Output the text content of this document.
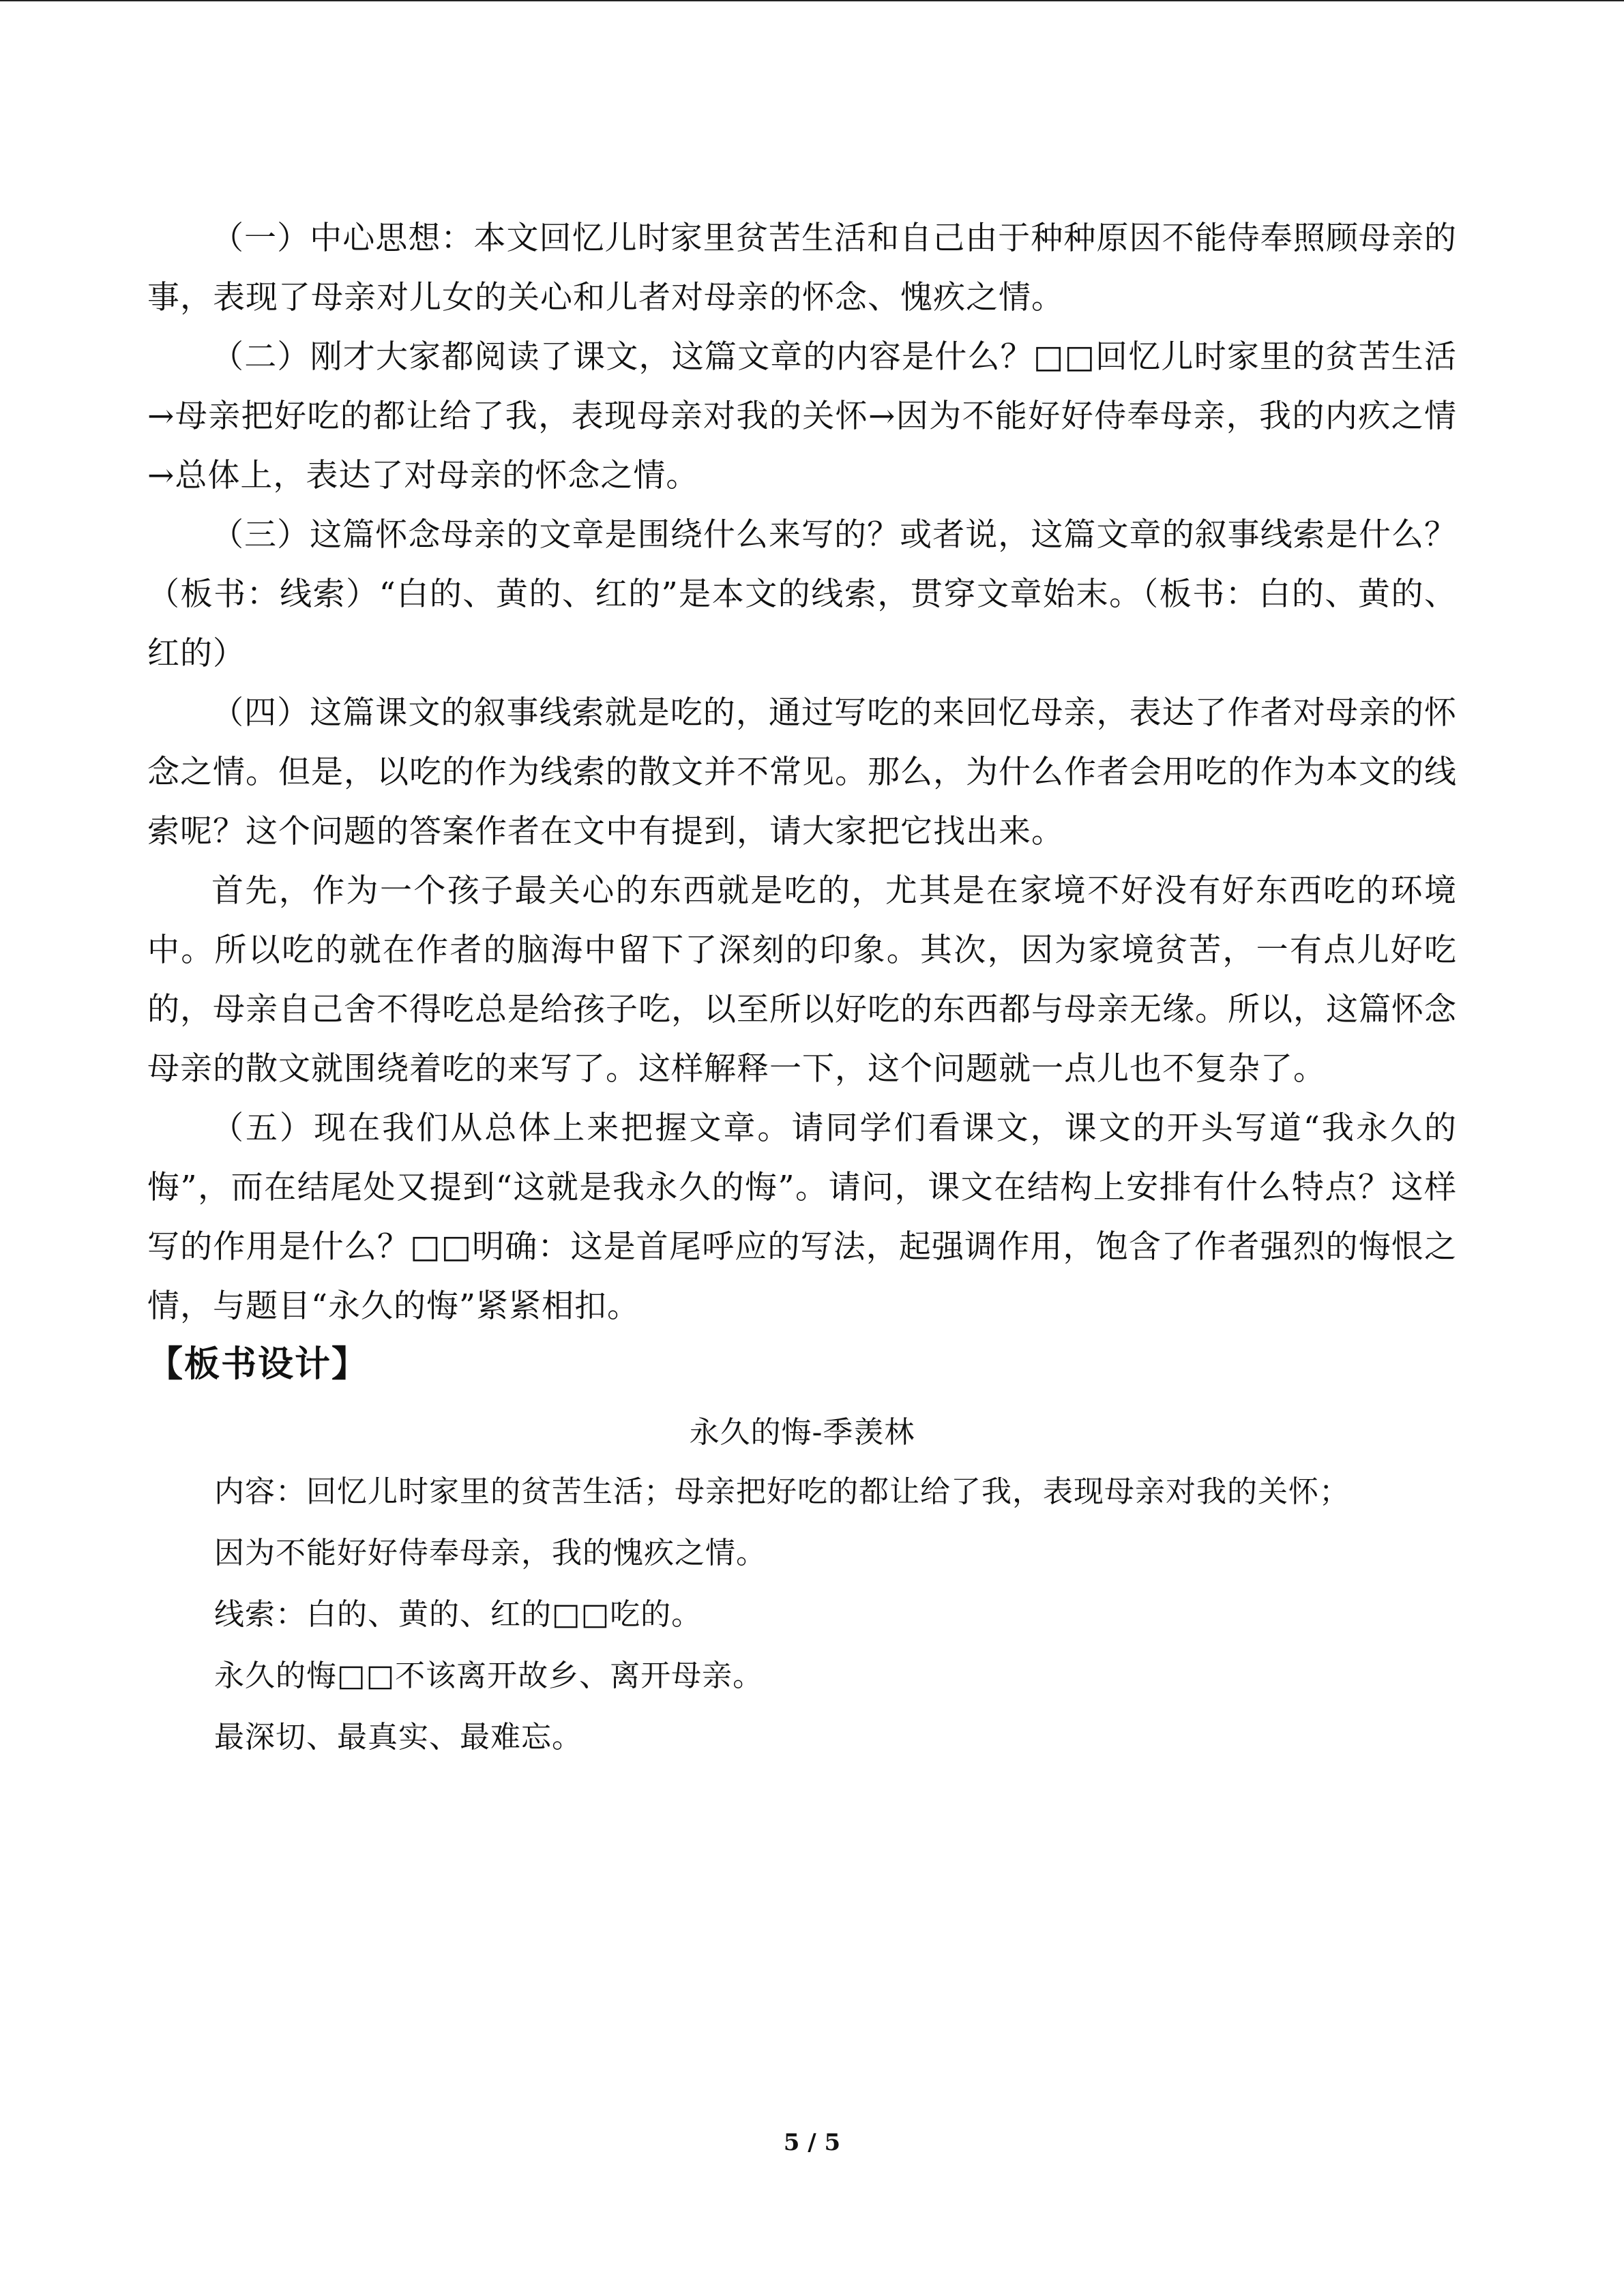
（一）中心思想：本文回忆儿时家里贫苦生活和自己由于种种原因不能侍奉照顾母亲的事，表现了母亲对儿女的关心和儿者对母亲的怀念、愧疚之情。

（二）刚才大家都阅读了课文，这篇文章的内容是什么？□□回忆儿时家里的贫苦生活→母亲把好吃的都让给了我，表现母亲对我的关怀→因为不能好好侍奉母亲，我的内疚之情→总体上，表达了对母亲的怀念之情。

（三）这篇怀念母亲的文章是围绕什么来写的？或者说，这篇文章的叙事线索是什么？（板书：线索）“白的、黄的、红的”是本文的线索，贯穿文章始末。（板书：白的、黄的、红的）

（四）这篇课文的叙事线索就是吃的，通过写吃的来回忆母亲，表达了作者对母亲的怀念之情。但是，以吃的作为线索的散文并不常见。那么，为什么作者会用吃的作为本文的线索呢？这个问题的答案作者在文中有提到，请大家把它找出来。

首先，作为一个孩子最关心的东西就是吃的，尤其是在家境不好没有好东西吃的环境中。所以吃的就在作者的脑海中留下了深刻的印象。其次，因为家境贫苦，一有点儿好吃的，母亲自己舍不得吃总是给孩子吃，以至所以好吃的东西都与母亲无缘。所以，这篇怀念母亲的散文就围绕着吃的来写了。这样解释一下，这个问题就一点儿也不复杂了。

（五）现在我们从总体上来把握文章。请同学们看课文，课文的开头写道“我永久的悔”，而在结尾处又提到“这就是我永久的悔”。请问，课文在结构上安排有什么特点？这样写的作用是什么？□□明确：这是首尾呼应的写法，起强调作用，饱含了作者强烈的悔恨之情，与题目“永久的悔”紧紧相扣。

【板书设计】

永久的悔-季羡林

内容：回忆儿时家里的贫苦生活；母亲把好吃的都让给了我，表现母亲对我的关怀；

因为不能好好侍奉母亲，我的愧疚之情。

线索：白的、黄的、红的□□吃的。

永久的悔□□不该离开故乡、离开母亲。

最深切、最真实、最难忘。

5 / 5
